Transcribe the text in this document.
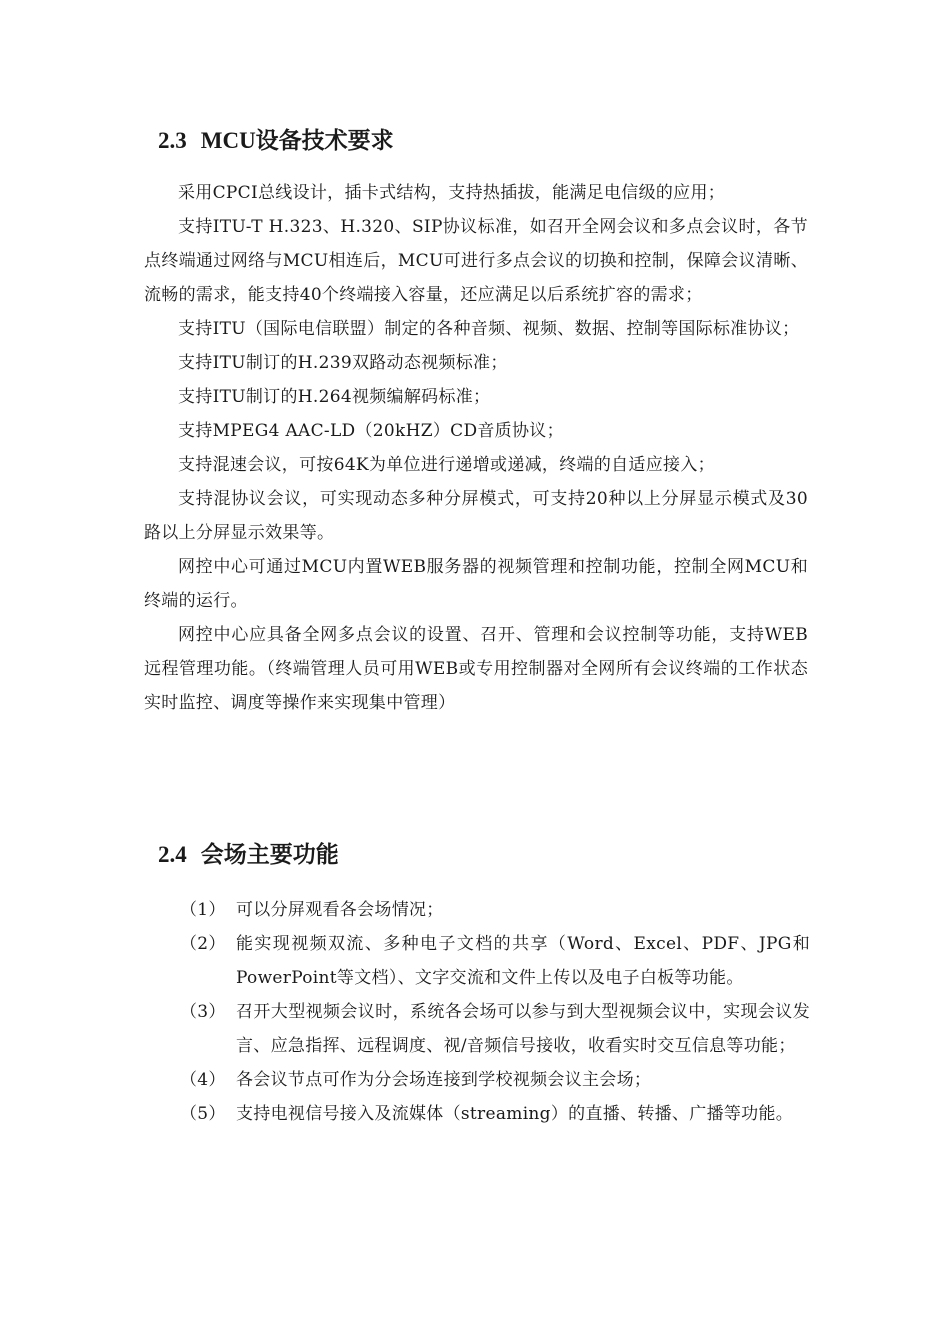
2.3 MCU设备技术要求

采用CPCI总线设计，插卡式结构，支持热插拔，能满足电信级的应用；

支持ITU-T H.323、H.320、SIP协议标准，如召开全网会议和多点会议时，各节点终端通过网络与MCU相连后，MCU可进行多点会议的切换和控制，保障会议清晰、流畅的需求，能支持40个终端接入容量，还应满足以后系统扩容的需求；

支持ITU（国际电信联盟）制定的各种音频、视频、数据、控制等国际标准协议；

支持ITU制订的H.239双路动态视频标准；

支持ITU制订的H.264视频编解码标准；

支持MPEG4 AAC-LD（20kHZ）CD音质协议；

支持混速会议，可按64K为单位进行递增或递减，终端的自适应接入；

支持混协议会议，可实现动态多种分屏模式，可支持20种以上分屏显示模式及30路以上分屏显示效果等。

网控中心可通过MCU内置WEB服务器的视频管理和控制功能，控制全网MCU和终端的运行。

网控中心应具备全网多点会议的设置、召开、管理和会议控制等功能，支持WEB远程管理功能。（终端管理人员可用WEB或专用控制器对全网所有会议终端的工作状态实时监控、调度等操作来实现集中管理）

2.4 会场主要功能
（1） 可以分屏观看各会场情况；
（2） 能实现视频双流、多种电子文档的共享（Word、Excel、PDF、JPG和PowerPoint等文档）、文字交流和文件上传以及电子白板等功能。
（3） 召开大型视频会议时，系统各会场可以参与到大型视频会议中，实现会议发言、应急指挥、远程调度、视/音频信号接收，收看实时交互信息等功能；
（4） 各会议节点可作为分会场连接到学校视频会议主会场；
（5） 支持电视信号接入及流媒体（streaming）的直播、转播、广播等功能。
